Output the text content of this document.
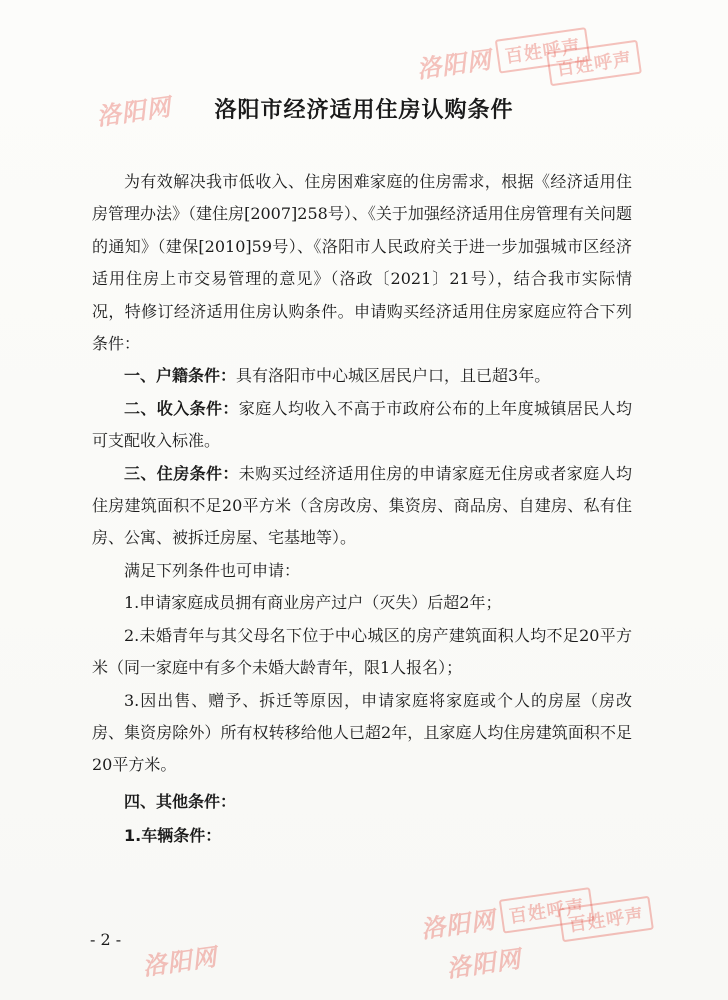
洛阳网
洛阳网 百姓呼声
百姓呼声
洛阳网 百姓呼声
洛阳网	洛阳网
百姓呼声
洛阳市经济适用住房认购条件

为有效解决我市低收入、住房困难家庭的住房需求，根据《经济适用住房管理办法》（建住房[2007]258号）、《关于加强经济适用住房管理有关问题的通知》（建保[2010]59号）、《洛阳市人民政府关于进一步加强城市区经济适用住房上市交易管理的意见》（洛政〔2021〕21号），结合我市实际情况，特修订经济适用住房认购条件。申请购买经济适用住房家庭应符合下列条件：

一、户籍条件：具有洛阳市中心城区居民户口，且已超3年。

二、收入条件：家庭人均收入不高于市政府公布的上年度城镇居民人均可支配收入标准。

三、住房条件：未购买过经济适用住房的申请家庭无住房或者家庭人均住房建筑面积不足20平方米（含房改房、集资房、商品房、自建房、私有住房、公寓、被拆迁房屋、宅基地等）。

满足下列条件也可申请：

1.申请家庭成员拥有商业房产过户（灭失）后超2年；

2.未婚青年与其父母名下位于中心城区的房产建筑面积人均不足20平方米（同一家庭中有多个未婚大龄青年，限1人报名）；

3.因出售、赠予、拆迁等原因，申请家庭将家庭或个人的房屋（房改房、集资房除外）所有权转移给他人已超2年，且家庭人均住房建筑面积不足20平方米。

四、其他条件：

1.车辆条件：

- 2 -
